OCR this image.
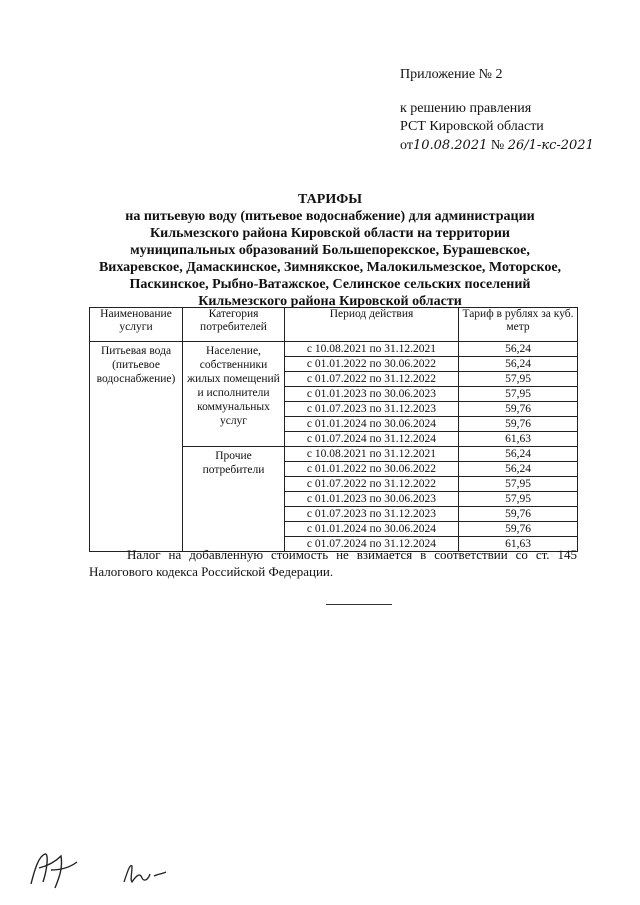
Приложение № 2
к решению правления
РСТ Кировской области
от10.08.2021 № 26/1-кс-2021
ТАРИФЫ
на питьевую воду (питьевое водоснабжение) для администрации
Кильмезского района Кировской области на территории
муниципальных образований Большепорекское, Бурашевское,
Вихаревское, Дамаскинское, Зимнякское, Малокильмезское, Моторское,
Паскинское, Рыбно-Ватажское, Селинское сельских поселений
Кильмезского района Кировской области
Наименование услуги	Категория потребителей	Период действия	Тариф в рублях за куб. метр
Питьевая вода (питьевое водоснабжение)	Население, собственники жилых помещений и исполнители коммунальных услуг	с 10.08.2021 по 31.12.2021	56,24
		с 01.01.2022 по 30.06.2022	56,24
		с 01.07.2022 по 31.12.2022	57,95
		с 01.01.2023 по 30.06.2023	57,95
		с 01.07.2023 по 31.12.2023	59,76
		с 01.01.2024 по 30.06.2024	59,76
		с 01.07.2024 по 31.12.2024	61,63
	Прочие потребители	с 10.08.2021 по 31.12.2021	56,24
		с 01.01.2022 по 30.06.2022	56,24
		с 01.07.2022 по 31.12.2022	57,95
		с 01.01.2023 по 30.06.2023	57,95
		с 01.07.2023 по 31.12.2023	59,76
		с 01.01.2024 по 30.06.2024	59,76
		с 01.07.2024 по 31.12.2024	61,63
Налог на добавленную стоимость не взимается в соответствии со ст. 145 Налогового кодекса Российской Федерации.
